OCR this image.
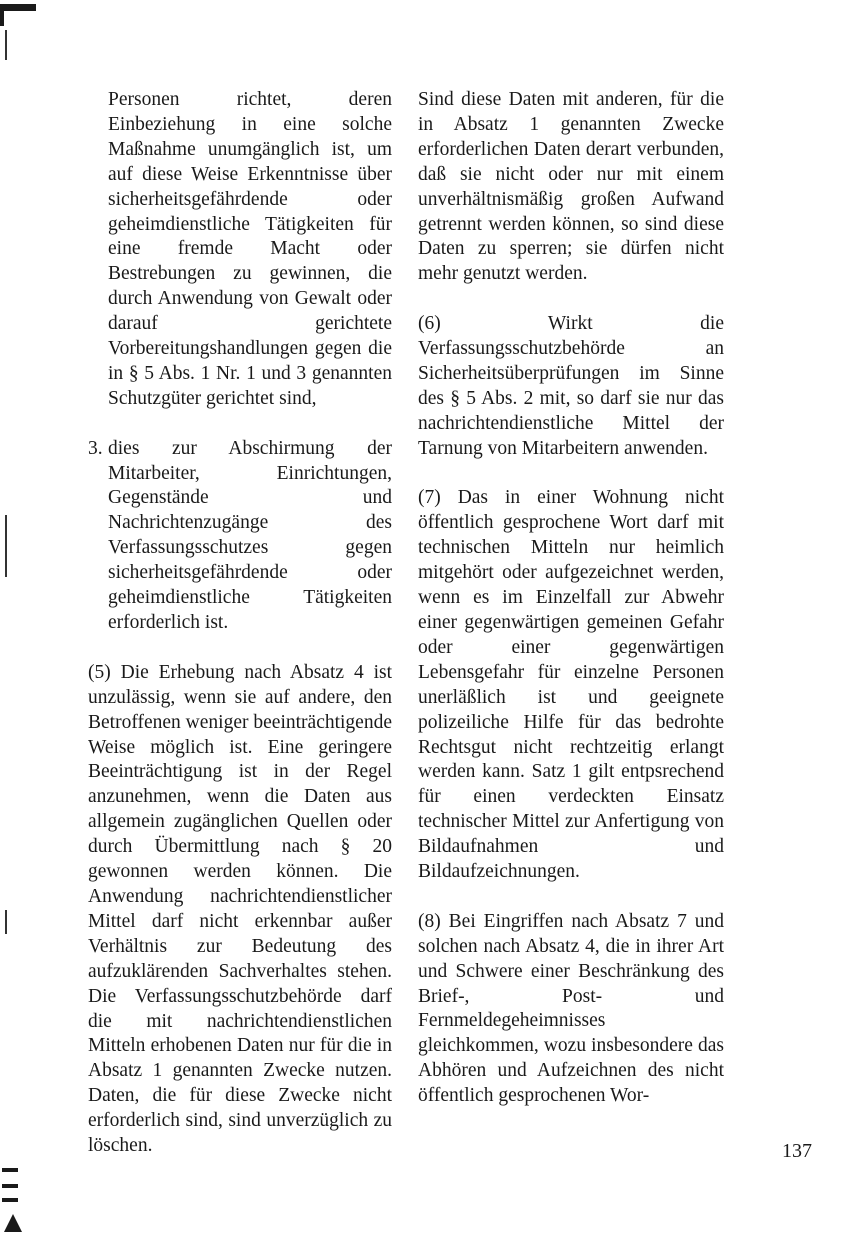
Personen richtet, deren Einbeziehung in eine solche Maßnahme unumgänglich ist, um auf diese Weise Erkenntnisse über sicherheitsgefährdende oder geheimdienstliche Tätigkeiten für eine fremde Macht oder Bestrebungen zu gewinnen, die durch Anwendung von Gewalt oder darauf gerichtete Vorbereitungshandlungen gegen die in § 5 Abs. 1 Nr. 1 und 3 genannten Schutzgüter gerichtet sind,

3. dies zur Abschirmung der Mitarbeiter, Einrichtungen, Gegenstände und Nachrichtenzugänge des Verfassungsschutzes gegen sicherheitsgefährdende oder geheimdienstliche Tätigkeiten erforderlich ist.

(5) Die Erhebung nach Absatz 4 ist unzulässig, wenn sie auf andere, den Betroffenen weniger beeinträchtigende Weise möglich ist. Eine geringere Beeinträchtigung ist in der Regel anzunehmen, wenn die Daten aus allgemein zugänglichen Quellen oder durch Übermittlung nach § 20 gewonnen werden können. Die Anwendung nachrichtendienstlicher Mittel darf nicht erkennbar außer Verhältnis zur Bedeutung des aufzuklärenden Sachverhaltes stehen. Die Verfassungsschutzbehörde darf die mit nachrichtendienstlichen Mitteln erhobenen Daten nur für die in Absatz 1 genannten Zwecke nutzen. Daten, die für diese Zwecke nicht erforderlich sind, sind unverzüglich zu löschen.

Sind diese Daten mit anderen, für die in Absatz 1 genannten Zwecke erforderlichen Daten derart verbunden, daß sie nicht oder nur mit einem unverhältnismäßig großen Aufwand getrennt werden können, so sind diese Daten zu sperren; sie dürfen nicht mehr genutzt werden.

(6) Wirkt die Verfassungsschutzbehörde an Sicherheitsüberprüfungen im Sinne des § 5 Abs. 2 mit, so darf sie nur das nachrichtendienstliche Mittel der Tarnung von Mitarbeitern anwenden.

(7) Das in einer Wohnung nicht öffentlich gesprochene Wort darf mit technischen Mitteln nur heimlich mitgehört oder aufgezeichnet werden, wenn es im Einzelfall zur Abwehr einer gegenwärtigen gemeinen Gefahr oder einer gegenwärtigen Lebensgefahr für einzelne Personen unerläßlich ist und geeignete polizeiliche Hilfe für das bedrohte Rechtsgut nicht rechtzeitig erlangt werden kann. Satz 1 gilt entpsrechend für einen verdeckten Einsatz technischer Mittel zur Anfertigung von Bildaufnahmen und Bildaufzeichnungen.

(8) Bei Eingriffen nach Absatz 7 und solchen nach Absatz 4, die in ihrer Art und Schwere einer Beschränkung des Brief-, Post- und Fernmeldegeheimnisses gleichkommen, wozu insbesondere das Abhören und Aufzeichnen des nicht öffentlich gesprochenen Wor-

137
